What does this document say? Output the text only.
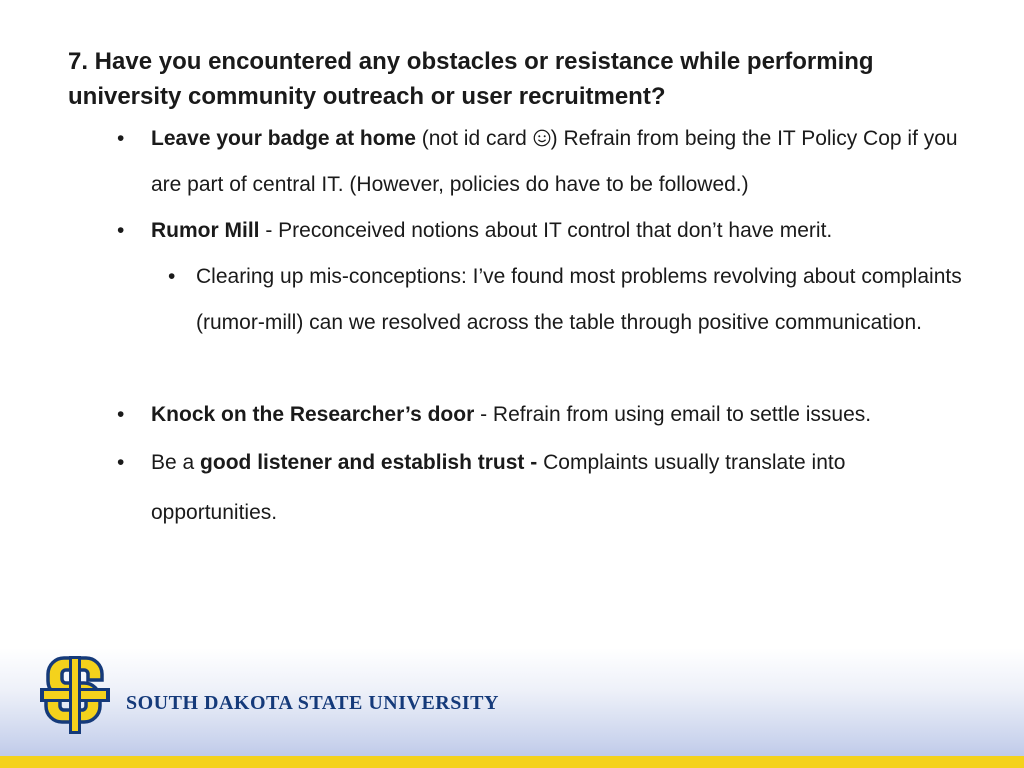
7. Have you encountered any obstacles or resistance while performing university community outreach or user recruitment?
• Leave your badge at home (not id card ) Refrain from being the IT Policy Cop if you are part of central IT. (However, policies do have to be followed.)
• Rumor Mill - Preconceived notions about IT control that don’t have merit.
• Clearing up mis-conceptions: I’ve found most problems revolving about complaints (rumor-mill) can we resolved across the table through positive communication.
• Knock on the Researcher’s door - Refrain from using email to settle issues.
• Be a good listener and establish trust - Complaints usually translate into opportunities.
SOUTH DAKOTA STATE UNIVERSITY
